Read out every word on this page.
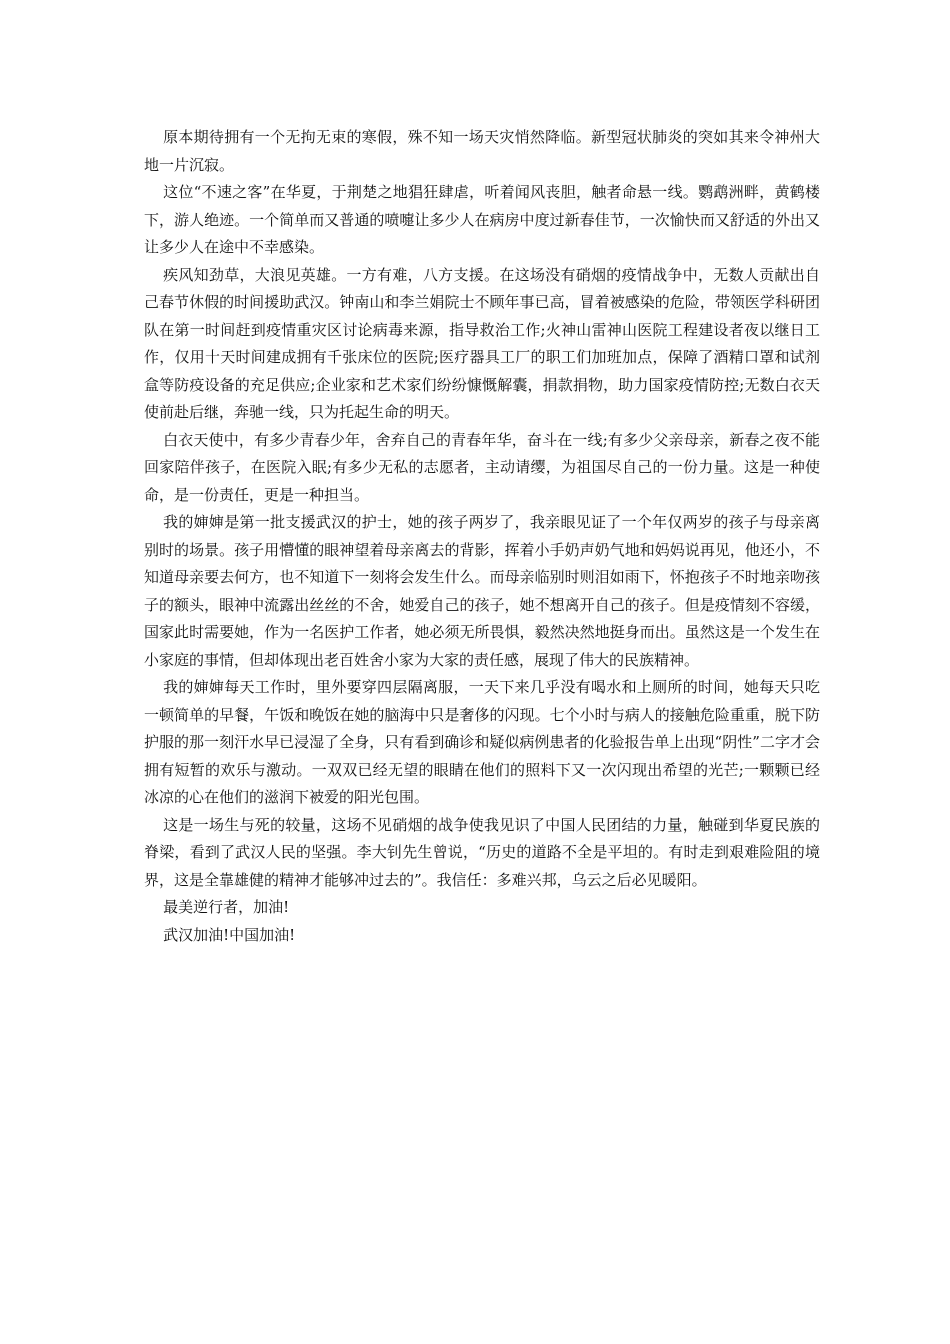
原本期待拥有一个无拘无束的寒假，殊不知一场天灾悄然降临。新型冠状肺炎的突如其来令神州大地一片沉寂。

这位“不速之客”在华夏，于荆楚之地猖狂肆虐，听着闻风丧胆，触者命悬一线。鹦鹉洲畔，黄鹤楼下，游人绝迹。一个简单而又普通的喷嚏让多少人在病房中度过新春佳节，一次愉快而又舒适的外出又让多少人在途中不幸感染。

疾风知劲草，大浪见英雄。一方有难，八方支援。在这场没有硝烟的疫情战争中，无数人贡献出自己春节休假的时间援助武汉。钟南山和李兰娟院士不顾年事已高，冒着被感染的危险，带领医学科研团队在第一时间赶到疫情重灾区讨论病毒来源，指导救治工作;火神山雷神山医院工程建设者夜以继日工作，仅用十天时间建成拥有千张床位的医院;医疗器具工厂的职工们加班加点，保障了酒精口罩和试剂盒等防疫设备的充足供应;企业家和艺术家们纷纷慷慨解囊，捐款捐物，助力国家疫情防控;无数白衣天使前赴后继，奔驰一线，只为托起生命的明天。

白衣天使中，有多少青春少年，舍弃自己的青春年华，奋斗在一线;有多少父亲母亲，新春之夜不能回家陪伴孩子，在医院入眠;有多少无私的志愿者，主动请缨，为祖国尽自己的一份力量。这是一种使命，是一份责任，更是一种担当。

我的婶婶是第一批支援武汉的护士，她的孩子两岁了，我亲眼见证了一个年仅两岁的孩子与母亲离别时的场景。孩子用懵懂的眼神望着母亲离去的背影，挥着小手奶声奶气地和妈妈说再见，他还小，不知道母亲要去何方，也不知道下一刻将会发生什么。而母亲临别时则泪如雨下，怀抱孩子不时地亲吻孩子的额头，眼神中流露出丝丝的不舍，她爱自己的孩子，她不想离开自己的孩子。但是疫情刻不容缓，国家此时需要她，作为一名医护工作者，她必须无所畏惧，毅然决然地挺身而出。虽然这是一个发生在小家庭的事情，但却体现出老百姓舍小家为大家的责任感，展现了伟大的民族精神。

我的婶婶每天工作时，里外要穿四层隔离服，一天下来几乎没有喝水和上厕所的时间，她每天只吃一顿简单的早餐，午饭和晚饭在她的脑海中只是奢侈的闪现。七个小时与病人的接触危险重重，脱下防护服的那一刻汗水早已浸湿了全身，只有看到确诊和疑似病例患者的化验报告单上出现“阴性”二字才会拥有短暂的欢乐与激动。一双双已经无望的眼睛在他们的照料下又一次闪现出希望的光芒;一颗颗已经冰凉的心在他们的滋润下被爱的阳光包围。

这是一场生与死的较量，这场不见硝烟的战争使我见识了中国人民团结的力量，触碰到华夏民族的脊梁，看到了武汉人民的坚强。李大钊先生曾说，“历史的道路不全是平坦的。有时走到艰难险阻的境界，这是全靠雄健的精神才能够冲过去的”。我信任：多难兴邦，乌云之后必见暖阳。

最美逆行者，加油!

武汉加油!中国加油!
